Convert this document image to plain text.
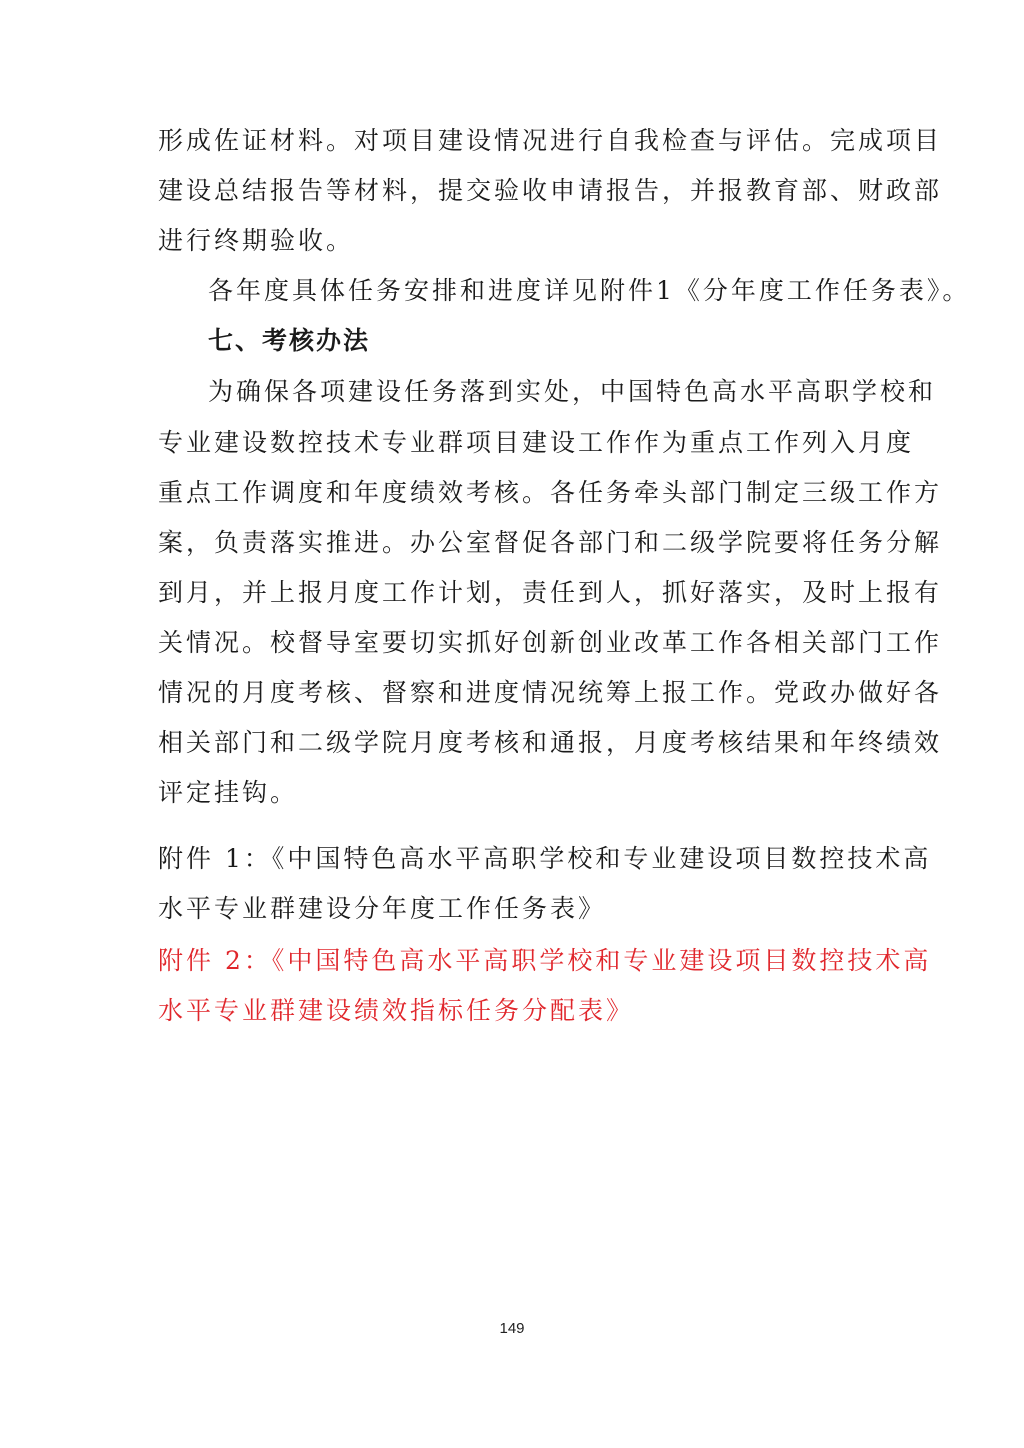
形成佐证材料。对项目建设情况进行自我检查与评估。完成项目
建设总结报告等材料，提交验收申请报告，并报教育部、财政部
进行终期验收。
各年度具体任务安排和进度详见附件1《分年度工作任务表》。
七、考核办法
为确保各项建设任务落到实处，中国特色高水平高职学校和
专业建设数控技术专业群项目建设工作作为重点工作列入月度
重点工作调度和年度绩效考核。各任务牵头部门制定三级工作方
案，负责落实推进。办公室督促各部门和二级学院要将任务分解
到月，并上报月度工作计划，责任到人，抓好落实，及时上报有
关情况。校督导室要切实抓好创新创业改革工作各相关部门工作
情况的月度考核、督察和进度情况统筹上报工作。党政办做好各
相关部门和二级学院月度考核和通报，月度考核结果和年终绩效
评定挂钩。
附件 1：《中国特色高水平高职学校和专业建设项目数控技术高
水平专业群建设分年度工作任务表》
附件 2：《中国特色高水平高职学校和专业建设项目数控技术高
水平专业群建设绩效指标任务分配表》
149
